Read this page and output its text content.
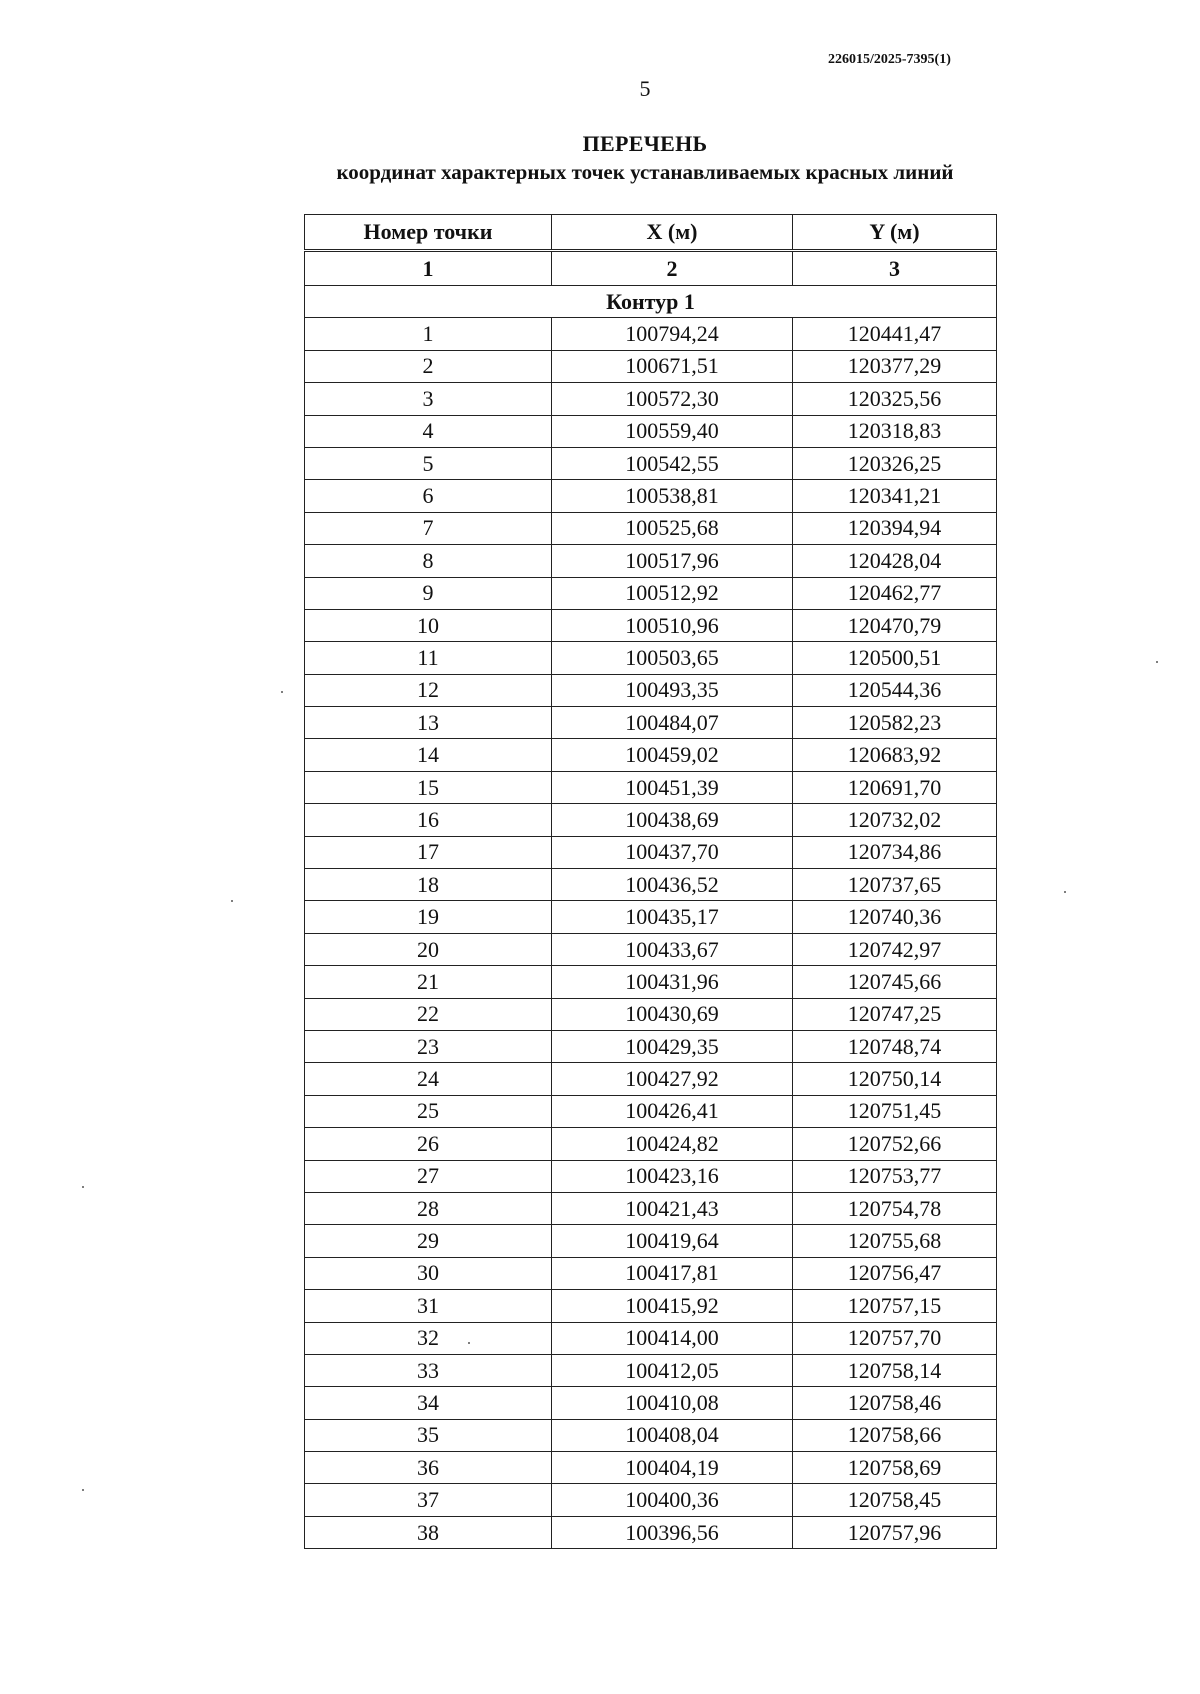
226015/2025-7395(1)
5
ПЕРЕЧЕНЬ
координат характерных точек устанавливаемых красных линий
Номер точки	X (м)	Y (м)
1	2	3
Контур 1		
1	100794,24	120441,47
2	100671,51	120377,29
3	100572,30	120325,56
4	100559,40	120318,83
5	100542,55	120326,25
6	100538,81	120341,21
7	100525,68	120394,94
8	100517,96	120428,04
9	100512,92	120462,77
10	100510,96	120470,79
11	100503,65	120500,51
12	100493,35	120544,36
13	100484,07	120582,23
14	100459,02	120683,92
15	100451,39	120691,70
16	100438,69	120732,02
17	100437,70	120734,86
18	100436,52	120737,65
19	100435,17	120740,36
20	100433,67	120742,97
21	100431,96	120745,66
22	100430,69	120747,25
23	100429,35	120748,74
24	100427,92	120750,14
25	100426,41	120751,45
26	100424,82	120752,66
27	100423,16	120753,77
28	100421,43	120754,78
29	100419,64	120755,68
30	100417,81	120756,47
31	100415,92	120757,15
32	100414,00	120757,70
33	100412,05	120758,14
34	100410,08	120758,46
35	100408,04	120758,66
36	100404,19	120758,69
37	100400,36	120758,45
38	100396,56	120757,96
